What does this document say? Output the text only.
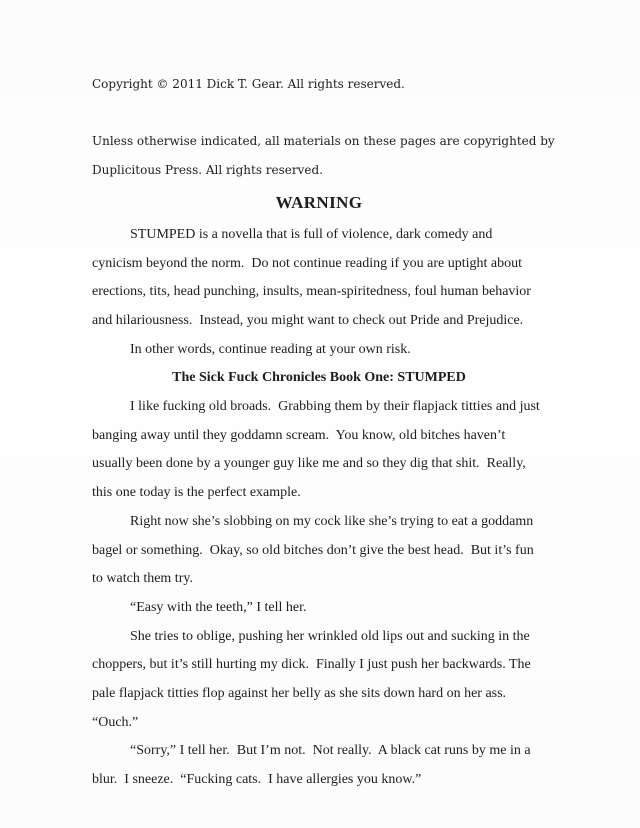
Copyright © 2011 Dick T. Gear. All rights reserved.

Unless otherwise indicated, all materials on these pages are copyrighted by Duplicitous Press. All rights reserved.

WARNING

STUMPED is a novella that is full of violence, dark comedy and cynicism beyond the norm.  Do not continue reading if you are uptight about erections, tits, head punching, insults, mean-spiritedness, foul human behavior and hilariousness.  Instead, you might want to check out Pride and Prejudice.

In other words, continue reading at your own risk.

The Sick Fuck Chronicles Book One: STUMPED

I like fucking old broads.  Grabbing them by their flapjack titties and just banging away until they goddamn scream.  You know, old bitches haven’t usually been done by a younger guy like me and so they dig that shit.  Really, this one today is the perfect example.

Right now she’s slobbing on my cock like she’s trying to eat a goddamn bagel or something.  Okay, so old bitches don’t give the best head.  But it’s fun to watch them try.

“Easy with the teeth,” I tell her.

She tries to oblige, pushing her wrinkled old lips out and sucking in the choppers, but it’s still hurting my dick.  Finally I just push her backwards. The pale flapjack titties flop against her belly as she sits down hard on her ass.  “Ouch.”

“Sorry,” I tell her.  But I’m not.  Not really.  A black cat runs by me in a blur.  I sneeze.  “Fucking cats.  I have allergies you know.”
